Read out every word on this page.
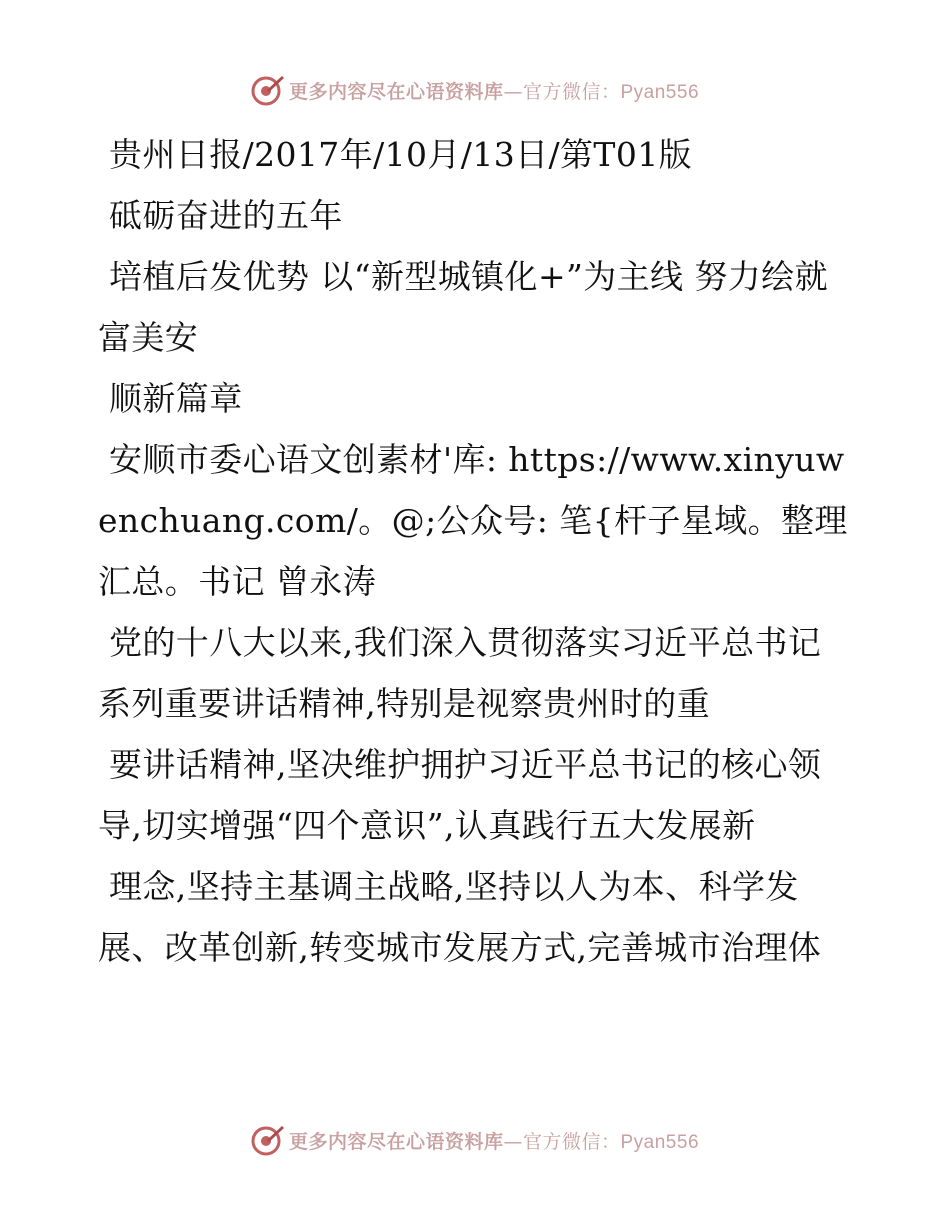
更多内容尽在心语资料库—官方微信：Pyan556

贵州日报/2017年/10月/13日/第T01版

砥砺奋进的五年

培植后发优势 以“新型城镇化+”为主线 努力绘就富美安

顺新篇章

安顺市委心语文创素材'库: https://www.xinyuwenchuang.com/。@;公众号: 笔{杆子星域。整理汇总。书记 曾永涛

党的十八大以来,我们深入贯彻落实习近平总书记系列重要讲话精神,特别是视察贵州时的重

要讲话精神,坚决维护拥护习近平总书记的核心领导,切实增强“四个意识”,认真践行五大发展新

理念,坚持主基调主战略,坚持以人为本、科学发展、改革创新,转变城市发展方式,完善城市治理体

更多内容尽在心语资料库—官方微信：Pyan556
